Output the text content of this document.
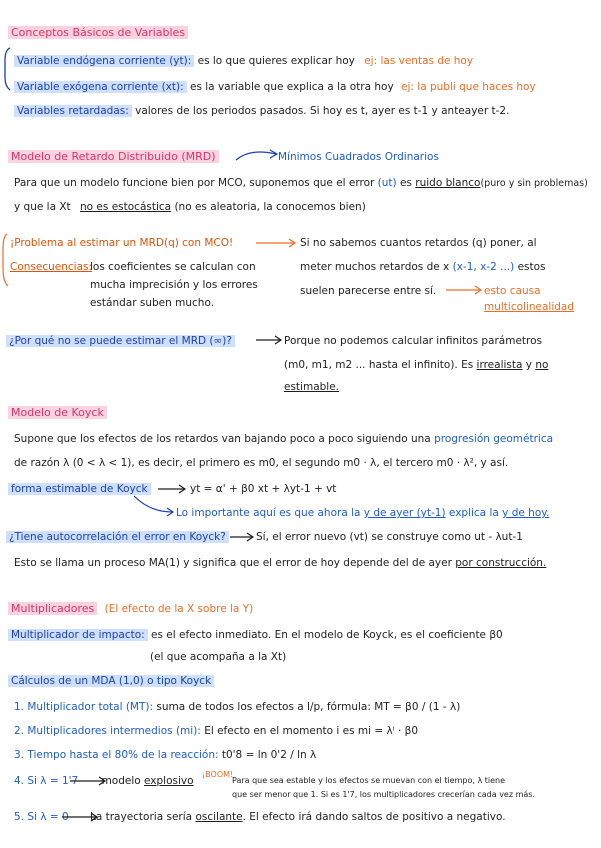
Conceptos Básicos de Variables
Variable endógena corriente (yt): es lo que quieres explicar hoy ej: las ventas de hoy
Variable exógena corriente (xt): es la variable que explica a la otra hoy ej: la publi que haces hoy
Variables retardadas: valores de los periodos pasados. Si hoy es t, ayer es t-1 y anteayer t-2.
Modelo de Retardo Distribuido (MRD)	Mínimos Cuadrados Ordinarios
Para que un modelo funcione bien por MCO, suponemos que el error (ut) es ruido blanco(puro y sin problemas)
y que la Xt no es estocástica (no es aleatoria, la conocemos bien)
¡Problema al estimar un MRD(q) con MCO!	Si no sabemos cuantos retardos (q) poner, al
Consecuencias:
los coeficientes se calculan con	meter muchos retardos de x (x-1, x-2 ...) estos
mucha imprecisión y los errores	suelen parecerse entre sí.	esto causa
estándar suben mucho.	multicolinealidad
¿Por qué no se puede estimar el MRD (∞)?	Porque no podemos calcular infinitos parámetros
(m0, m1, m2 ... hasta el infinito). Es irrealista y no
estimable.
Modelo de Koyck
Supone que los efectos de los retardos van bajando poco a poco siguiendo una progresión geométrica
de razón λ (0 < λ < 1), es decir, el primero es m0, el segundo m0 · λ, el tercero m0 · λ², y así.
forma estimable de Koyck	yt = α' + β0 xt + λyt-1 + vt
Lo importante aquí es que ahora la y de ayer (yt-1) explica la y de hoy.
¿Tiene autocorrelación el error en Koyck?	Sí, el error nuevo (vt) se construye como ut - λut-1
Esto se llama un proceso MA(1) y significa que el error de hoy depende del de ayer por construcción.
Multiplicadores (El efecto de la X sobre la Y)
Multiplicador de impacto: es el efecto inmediato. En el modelo de Koyck, es el coeficiente β0
(el que acompaña a la Xt)
Cálculos de un MDA (1,0) o tipo Koyck
1. Multiplicador total (MT): suma de todos los efectos a l/p, fórmula: MT = β0 / (1 - λ)
2. Multiplicadores intermedios (mi): El efecto en el momento i es mi = λⁱ · β0
3. Tiempo hasta el 80% de la reacción: t0'8 = ln 0'2 / ln λ
4. Si λ = 1'7 modelo explosivo
¡BOOM!
Para que sea estable y los efectos se muevan con el tiempo, λ tiene
que ser menor que 1. Si es 1'7, los multiplicadores crecerían cada vez más.
5. Si λ = 0 La trayectoria sería oscilante. El efecto irá dando saltos de positivo a negativo.
